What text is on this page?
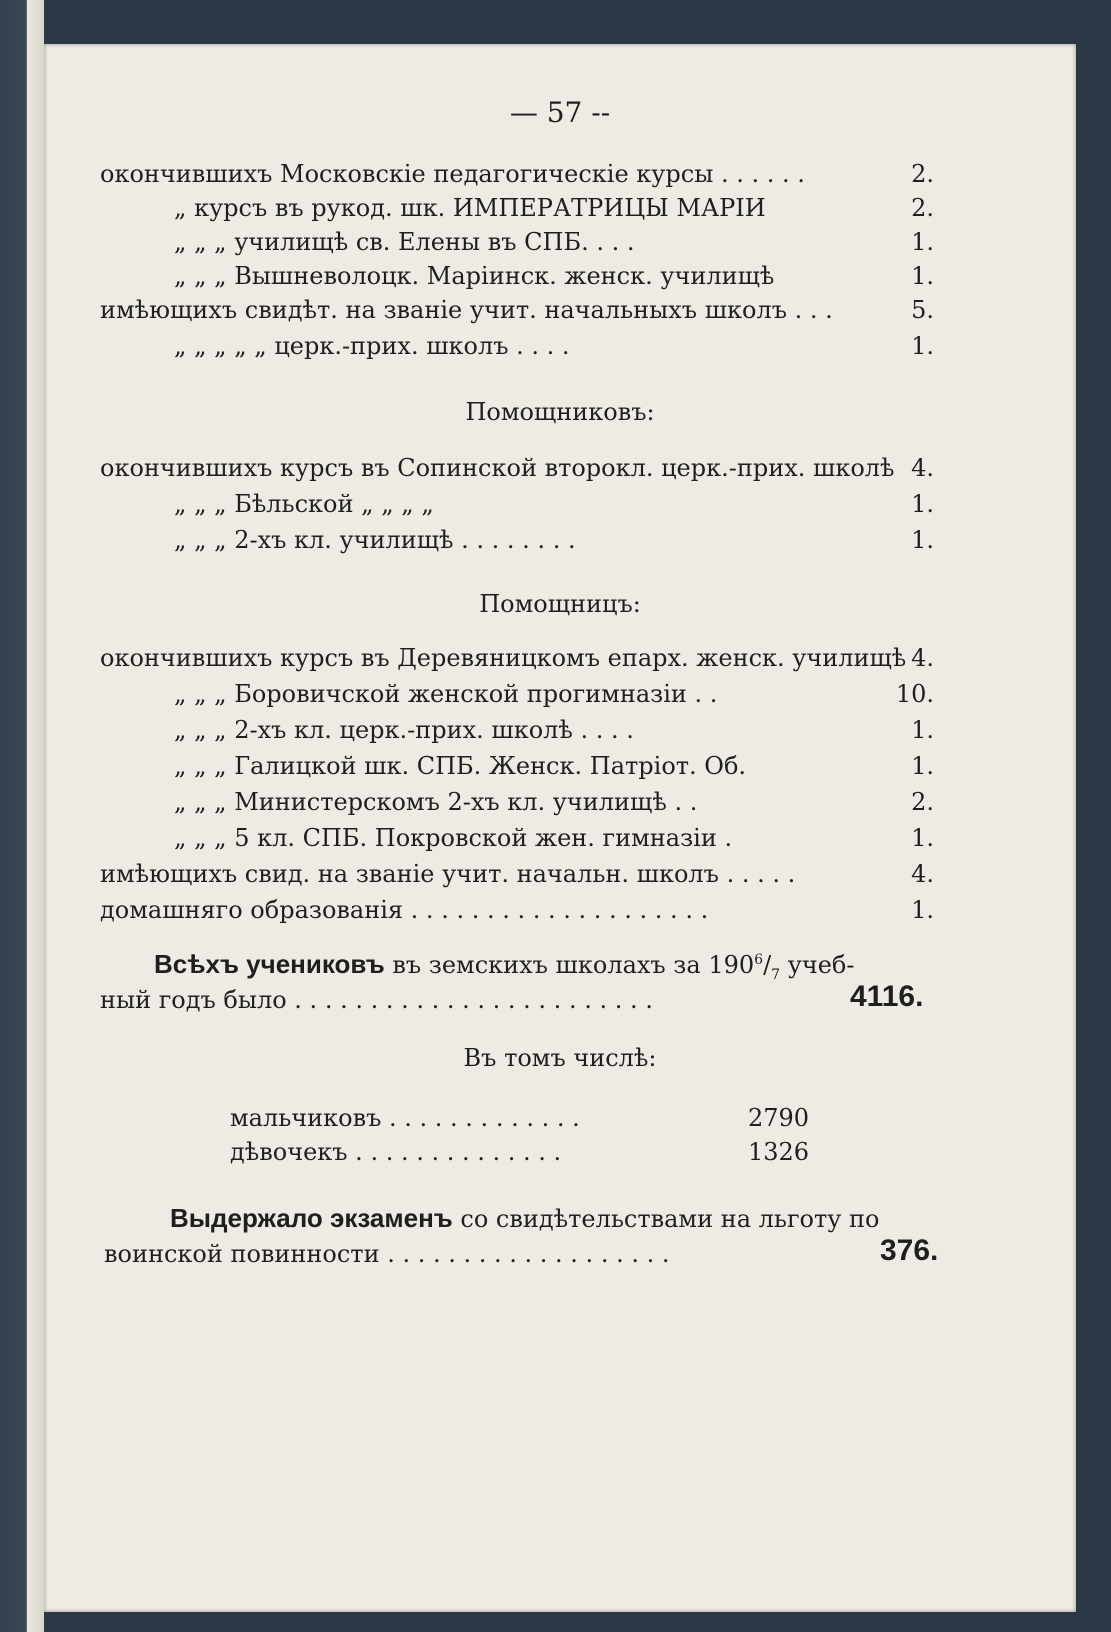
— 57 --
окончившихъ Московскіе педагогическіе курсы . . . . . .	2.
„ курсъ въ рукод. шк. ИМПЕРАТРИЦЫ МАРІИ	2.
„ „ „ училищѣ св. Елены въ СПБ. . . .	1.
„ „ „ Вышневолоцк. Маріинск. женск. училищѣ	1.
имѣющихъ свидѣт. на званіе учит. начальныхъ школъ . . .	5.
„ „ „ „ „ церк.-прих. школъ . . . .	1.
Помощниковъ:
окончившихъ курсъ въ Сопинской второкл. церк.-прих. школѣ 4.
„ „ „ Бѣльской „ „ „ „	1.
„ „ „ 2-хъ кл. училищѣ . . . . . . . .	1.
Помощницъ:
окончившихъ курсъ въ Деревяницкомъ епарх. женск. училищѣ 4.
„ „ „ Боровичской женской прогимназіи . .	10.
„ „ „ 2-хъ кл. церк.-прих. школѣ . . . .	1.
„ „ „ Галицкой шк. СПБ. Женск. Патріот. Об.	1.
„ „ „ Министерскомъ 2-хъ кл. училищѣ . .	2.
„ „ „ 5 кл. СПБ. Покровской жен. гимназіи .	1.
имѣющихъ свид. на званіе учит. начальн. школъ . . . . .	4.
домашняго образованія . . . . . . . . . . . . . . . . . . . .	1.
Всѣхъ учениковъ въ земскихъ школахъ за $190^6/_7$ учеб-
ный годъ было . . . . . . . . . . . . . . . . . . . . . . . .	4116.
Въ томъ числѣ:
мальчиковъ . . . . . . . . . . . . .	2790
дѣвочекъ . . . . . . . . . . . . . .	1326
Выдержало экзаменъ со свидѣтельствами на льготу по
воинской повинности . . . . . . . . . . . . . . . . . . .	376.
